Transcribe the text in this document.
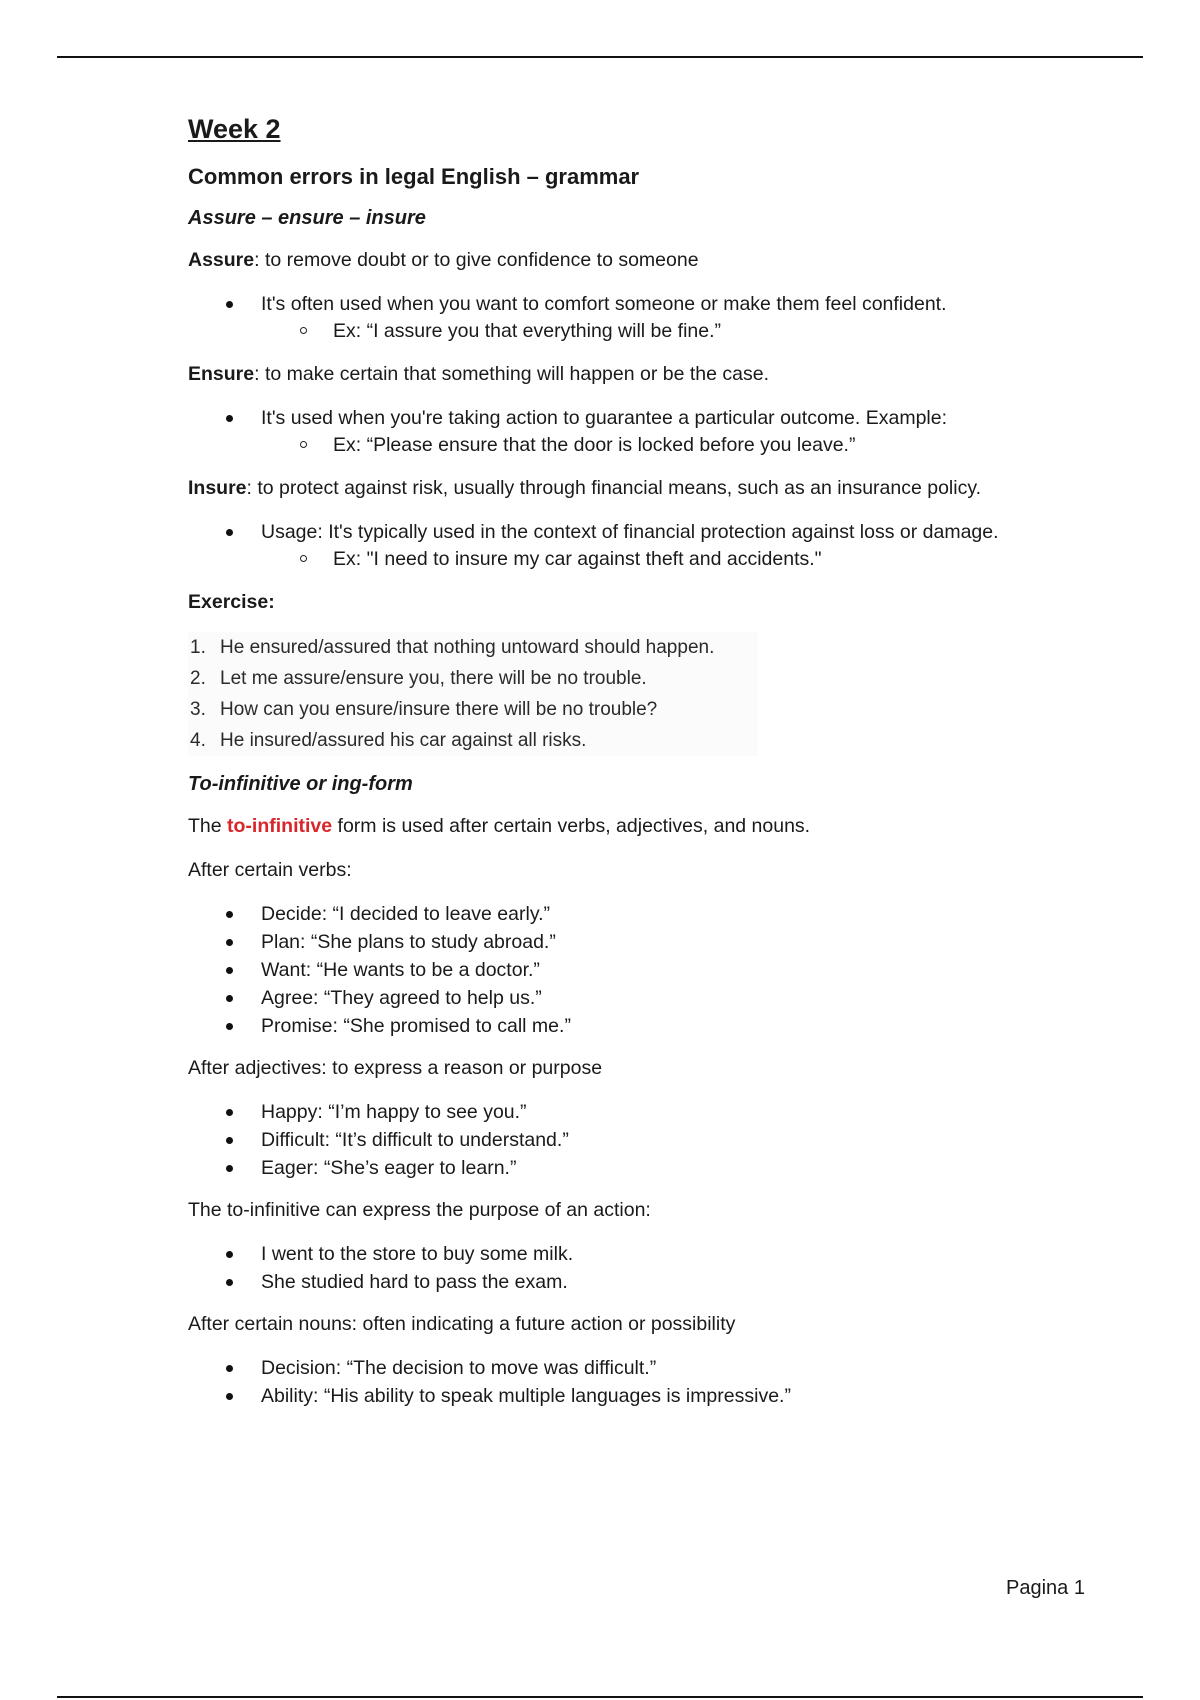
Week 2
Common errors in legal English – grammar
Assure – ensure – insure

Assure: to remove doubt or to give confidence to someone

It's often used when you want to comfort someone or make them feel confident.
Ex: “I assure you that everything will be fine.”

Ensure: to make certain that something will happen or be the case.

It's used when you're taking action to guarantee a particular outcome. Example:
Ex: “Please ensure that the door is locked before you leave.”

Insure: to protect against risk, usually through financial means, such as an insurance policy.

Usage: It's typically used in the context of financial protection against loss or damage.
Ex: "I need to insure my car against theft and accidents."

Exercise:

1. He ensured/assured that nothing untoward should happen.
2. Let me assure/ensure you, there will be no trouble.
3. How can you ensure/insure there will be no trouble?
4. He insured/assured his car against all risks.
To-infinitive or ing-form

The to-infinitive form is used after certain verbs, adjectives, and nouns.

After certain verbs:

Decide: “I decided to leave early.”
Plan: “She plans to study abroad.”
Want: “He wants to be a doctor.”
Agree: “They agreed to help us.”
Promise: “She promised to call me.”

After adjectives: to express a reason or purpose

Happy: “I’m happy to see you.”
Difficult: “It’s difficult to understand.”
Eager: “She’s eager to learn.”

The to-infinitive can express the purpose of an action:

I went to the store to buy some milk.
She studied hard to pass the exam.

After certain nouns: often indicating a future action or possibility

Decision: “The decision to move was difficult.”
Ability: “His ability to speak multiple languages is impressive.”
Pagina 1
